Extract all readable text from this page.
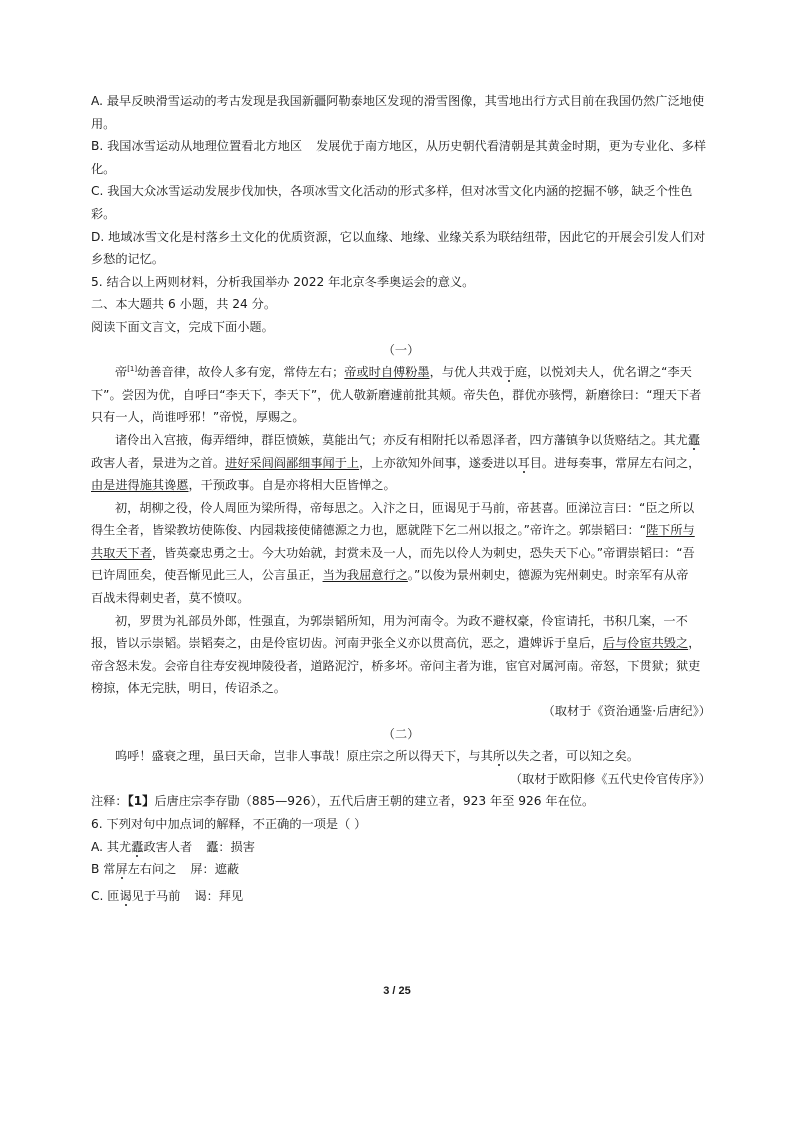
A. 最早反映滑雪运动的考古发现是我国新疆阿勒泰地区发现的滑雪图像，其雪地出行方式目前在我国仍然广泛地使
用。
B. 我国冰雪运动从地理位置看北方地区 发展优于南方地区，从历史朝代看清朝是其黄金时期，更为专业化、多样
化。
C. 我国大众冰雪运动发展步伐加快，各项冰雪文化活动的形式多样，但对冰雪文化内涵的挖掘不够，缺乏个性色
彩。
D. 地域冰雪文化是村落乡土文化的优质资源，它以血缘、地缘、业缘关系为联结纽带，因此它的开展会引发人们对
乡愁的记忆。
5. 结合以上两则材料，分析我国举办 2022 年北京冬季奥运会的意义。
二、本大题共 6 小题，共 24 分。
阅读下面文言文，完成下面小题。
（一）
帝[1]幼善音律，故伶人多有宠，常侍左右；帝或时自傅粉墨，与优人共戏于庭，以悦刘夫人，优名谓之“李天
下”。尝因为优，自呼曰“李天下，李天下”，优人敬新磨遽前批其颊。帝失色，群优亦骇愕，新磨徐曰：“理天下者
只有一人，尚谁呼邪！”帝悦，厚赐之。
诸伶出入宫掖，侮弄缙绅，群臣愤嫉，莫能出气；亦反有相附托以希恩泽者，四方藩镇争以货赂结之。其尤蠹
政害人者，景进为之首。进好采闾阎鄙细事闻于上，上亦欲知外间事，遂委进以耳目。进每奏事，常屏左右问之，
由是进得施其谗慝，干预政事。自是亦将相大臣皆惮之。
初，胡柳之役，伶人周匝为梁所得，帝每思之。入汴之日，匝谒见于马前，帝甚喜。匝涕泣言曰：“臣之所以
得生全者，皆梁教坊使陈俊、内园栽接使储德源之力也，愿就陛下乞二州以报之。”帝许之。郭崇韬曰：“陛下所与
共取天下者，皆英豪忠勇之士。今大功始就，封赏未及一人，而先以伶人为刺史，恐失天下心。”帝谓崇韬曰：“吾
已许周匝矣，使吾惭见此三人，公言虽正，当为我屈意行之。”以俊为景州刺史，德源为宪州刺史。时亲军有从帝
百战未得刺史者，莫不愤叹。
初，罗贯为礼部员外郎，性强直，为郭崇韬所知，用为河南令。为政不避权豪，伶宦请托，书积几案，一不
报，皆以示崇韬。崇韬奏之，由是伶宦切齿。河南尹张全义亦以贯高伉，恶之，遣婢诉于皇后，后与伶宦共毁之，
帝含怒未发。会帝自往寿安视坤陵役者，道路泥泞，桥多坏。帝问主者为谁，宦官对属河南。帝怒，下贯狱；狱吏
榜掠，体无完肤，明日，传诏杀之。
（取材于《资治通鉴·后唐纪》）
（二）
呜呼！盛衰之理，虽曰天命，岂非人事哉！原庄宗之所以得天下，与其所以失之者，可以知之矣。
（取材于欧阳修《五代史伶官传序》）
注释：【1】后唐庄宗李存勖（885—926），五代后唐王朝的建立者，923 年至 926 年在位。
6. 下列对句中加点词的解释，不正确的一项是（ ）
A. 其尤蠹政害人者 蠹：损害
B 常屏左右问之 屏：遮蔽
C. 匝谒见于马前 谒：拜见
3 / 25
